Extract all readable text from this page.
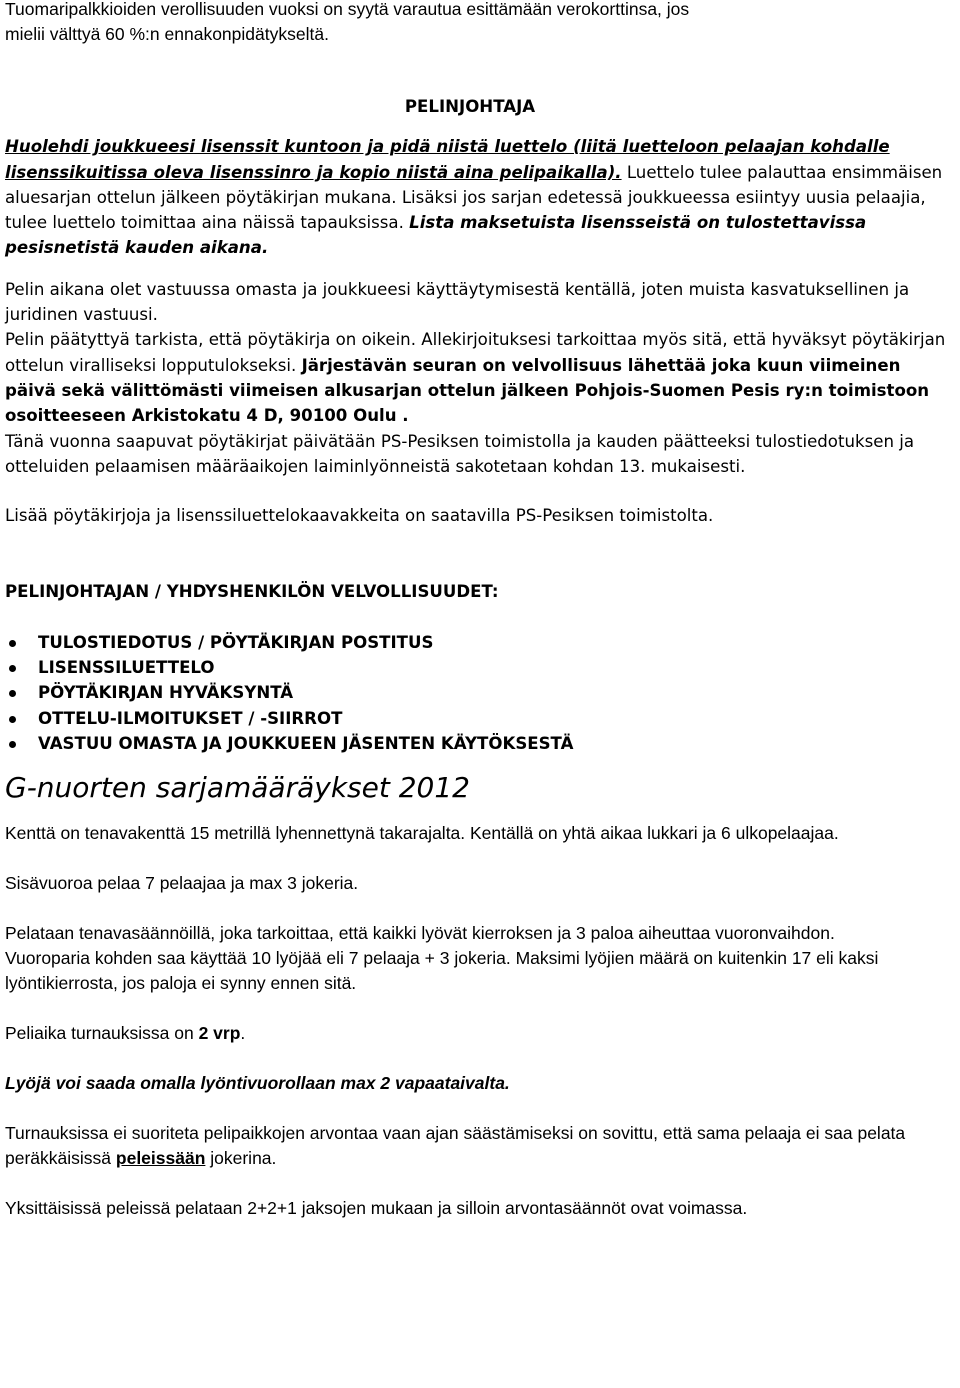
Tuomaripalkkioiden verollisuuden vuoksi on syytä varautua esittämään verokorttinsa, jos
mielii välttyä 60 %:n ennakonpidätykseltä.

PELINJOHTAJA

Huolehdi joukkueesi lisenssit kuntoon ja pidä niistä luettelo (liitä luetteloon pelaajan kohdalle lisenssikuitissa oleva lisenssinro ja kopio niistä aina pelipaikalla). Luettelo tulee palauttaa ensimmäisen aluesarjan ottelun jälkeen pöytäkirjan mukana. Lisäksi jos sarjan edetessä joukkueessa esiintyy uusia pelaajia, tulee luettelo toimittaa aina näissä tapauksissa. Lista maksetuista lisensseistä on tulostettavissa pesisnetistä kauden aikana.

Pelin aikana olet vastuussa omasta ja joukkueesi käyttäytymisestä kentällä, joten muista kasvatuksellinen ja juridinen vastuusi.

Pelin päätyttyä tarkista, että pöytäkirja on oikein. Allekirjoituksesi tarkoittaa myös sitä, että hyväksyt pöytäkirjan ottelun viralliseksi lopputulokseksi. Järjestävän seuran on velvollisuus lähettää joka kuun viimeinen päivä sekä välittömästi viimeisen alkusarjan ottelun jälkeen Pohjois-Suomen Pesis ry:n toimistoon osoitteeseen Arkistokatu 4 D, 90100 Oulu .
Tänä vuonna saapuvat pöytäkirjat päivätään PS-Pesiksen toimistolla ja kauden päätteeksi tulostiedotuksen ja otteluiden pelaamisen määräaikojen laiminlyönneistä sakotetaan kohdan 13. mukaisesti.

Lisää pöytäkirjoja ja lisenssiluettelokaavakkeita on saatavilla PS-Pesiksen toimistolta.

PELINJOHTAJAN / YHDYSHENKILÖN VELVOLLISUUDET:

TULOSTIEDOTUS / PÖYTÄKIRJAN POSTITUS
LISENSSILUETTELO
PÖYTÄKIRJAN HYVÄKSYNTÄ
OTTELU-ILMOITUKSET / -SIIRROT
VASTUU OMASTA JA JOUKKUEEN JÄSENTEN KÄYTÖKSESTÄ

G-nuorten sarjamääräykset 2012

Kenttä on tenavakenttä 15 metrillä lyhennettynä takarajalta. Kentällä on yhtä aikaa lukkari ja 6 ulkopelaajaa.

Sisävuoroa pelaa 7 pelaajaa ja max 3 jokeria.

Pelataan tenavasäännöillä, joka tarkoittaa, että kaikki lyövät kierroksen ja 3 paloa aiheuttaa vuoronvaihdon.

Vuoroparia kohden saa käyttää 10 lyöjää eli 7 pelaaja + 3 jokeria. Maksimi lyöjien määrä on kuitenkin 17 eli kaksi lyöntikierrosta, jos paloja ei synny ennen sitä.

Peliaika turnauksissa on 2 vrp.

Lyöjä voi saada omalla lyöntivuorollaan max 2 vapaataivalta.

Turnauksissa ei suoriteta pelipaikkojen arvontaa vaan ajan säästämiseksi on sovittu, että sama pelaaja ei saa pelata peräkkäisissä peleissään jokerina.

Yksittäisissä peleissä pelataan 2+2+1 jaksojen mukaan ja silloin arvontasäännöt ovat voimassa.
